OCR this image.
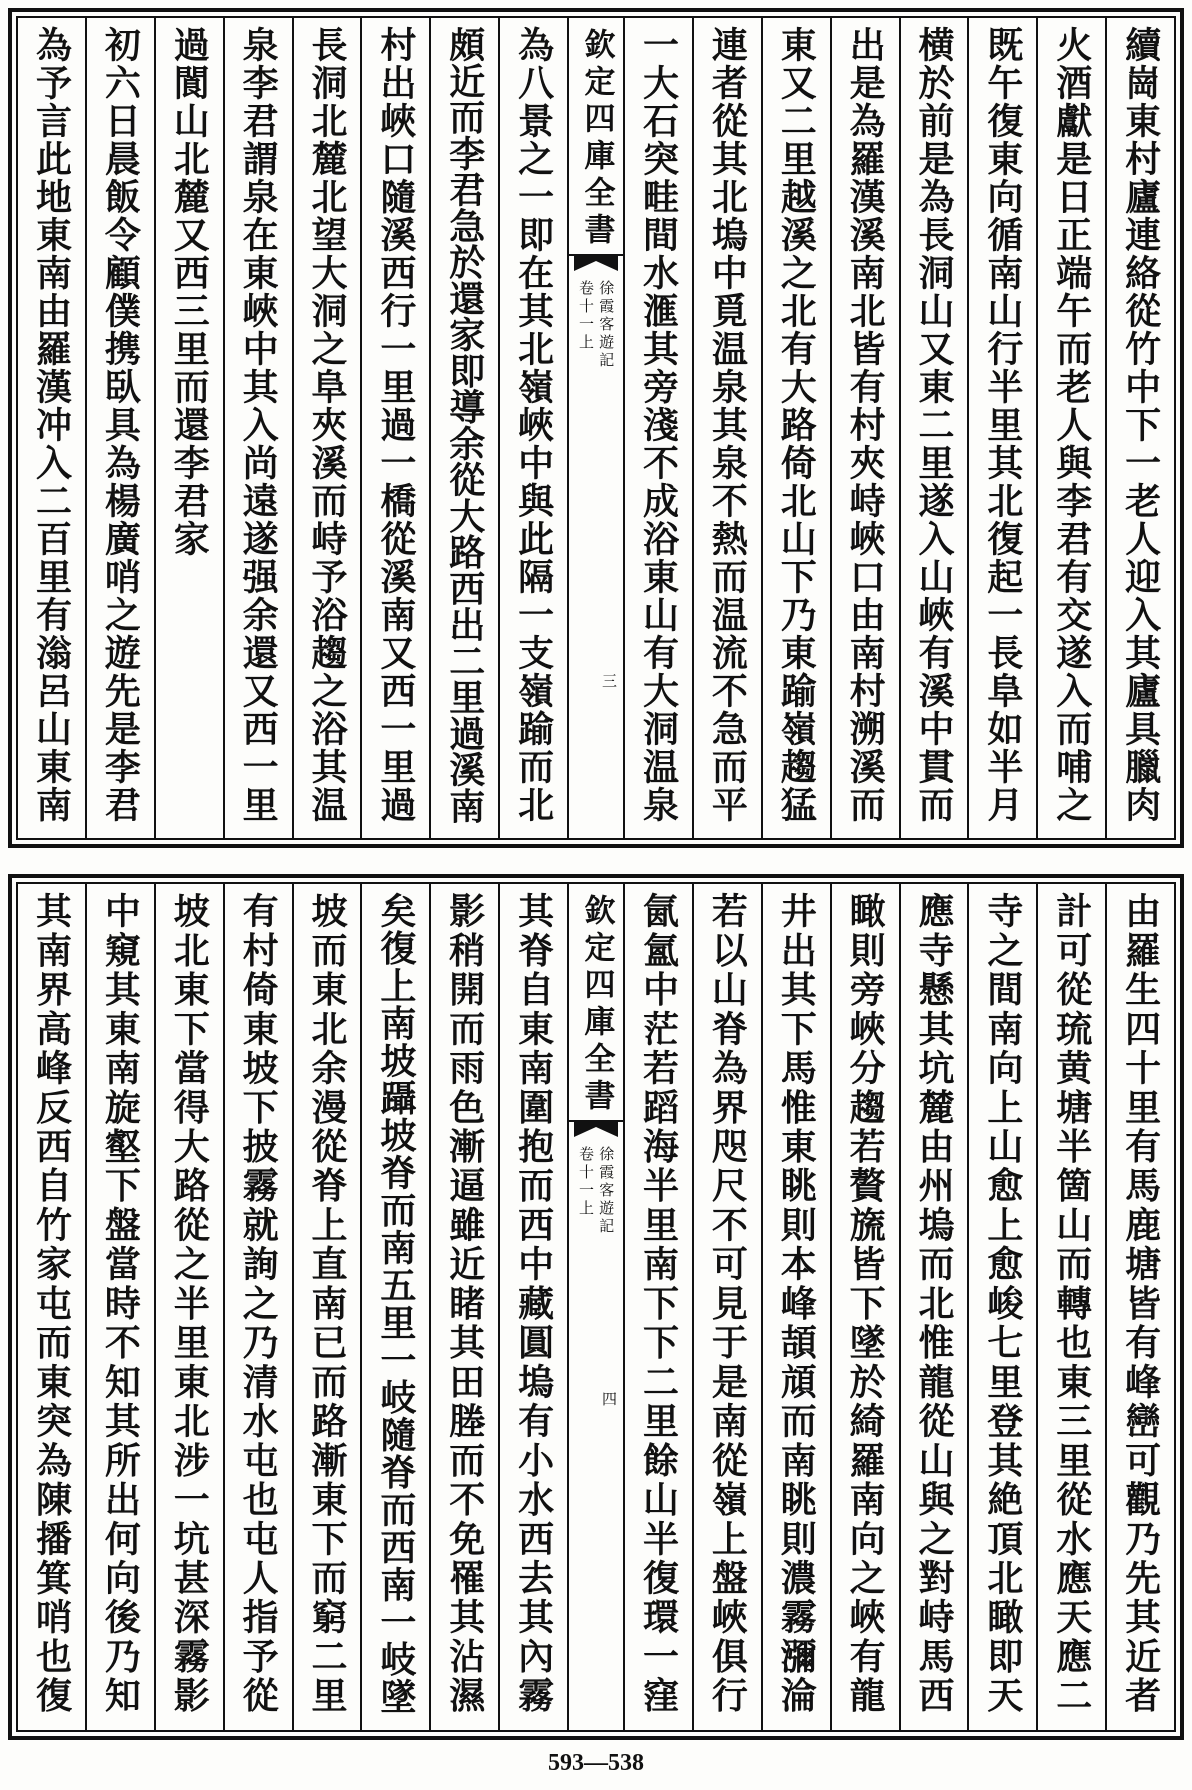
續崗東村廬連絡從竹中下一老人迎入其廬具臘肉
火酒獻是日正端午而老人與李君有交遂入而哺之
既午復東向循南山行半里其北復起一長阜如半月
横於前是為長洞山又東二里遂入山峽有溪中貫而
出是為羅漢溪南北皆有村夾峙峽口由南村溯溪而
東又二里越溪之北有大路倚北山下乃東踰嶺趨猛
連者從其北塢中覓温泉其泉不熱而温流不急而平
一大石突畦間水滙其旁淺不成浴東山有大洞温泉
欽定四庫全書
徐霞客遊記
卷十一上
三
為八景之一即在其北嶺峽中與此隔一支嶺踰而北
頗近而李君急於還家即導余從大路西出二里過溪南
村出峽口隨溪西行一里過一橋從溪南又西一里過
長洞北麓北望大洞之阜夾溪而峙予浴趨之浴其温
泉李君謂泉在東峽中其入尚遠遂强余還又西一里
過閬山北麓又西三里而還李君家
初六日晨飯令顧僕携臥具為楊廣哨之遊先是李君
為予言此地東南由羅漢冲入二百里有滃呂山東南
由羅生四十里有馬鹿塘皆有峰巒可觀乃先其近者
計可從琉黄塘半箇山而轉也東三里從水應天應二
寺之間南向上山愈上愈峻七里登其絶頂北瞰即天
應寺懸其坑麓由州塢而北惟龍從山與之對峙馬西
瞰則旁峽分趨若贅旒皆下墜於綺羅南向之峽有龍
井出其下馬惟東眺則本峰頡頏而南眺則濃霧瀰淪
若以山脊為界咫尺不可見于是南從嶺上盤峽俱行
氤氳中茫若蹈海半里南下下二里餘山半復環一窪
欽定四庫全書
徐霞客遊記
卷十一上
四
其脊自東南圍抱而西中藏圓塢有小水西去其內霧
影稍開而雨色漸逼雖近睹其田塍而不免罹其沾濕
矣復上南坡躡坡脊而南五里一岐隨脊而西南一岐墜
坡而東北余漫從脊上直南已而路漸東下而窮二里
有村倚東坡下披霧就詢之乃清水屯也屯人指予從
坡北東下當得大路從之半里東北涉一坑甚深霧影
中窺其東南旋壑下盤當時不知其所出何向後乃知
其南界高峰反西自竹家屯而東突為陳播箕哨也復
593—538
